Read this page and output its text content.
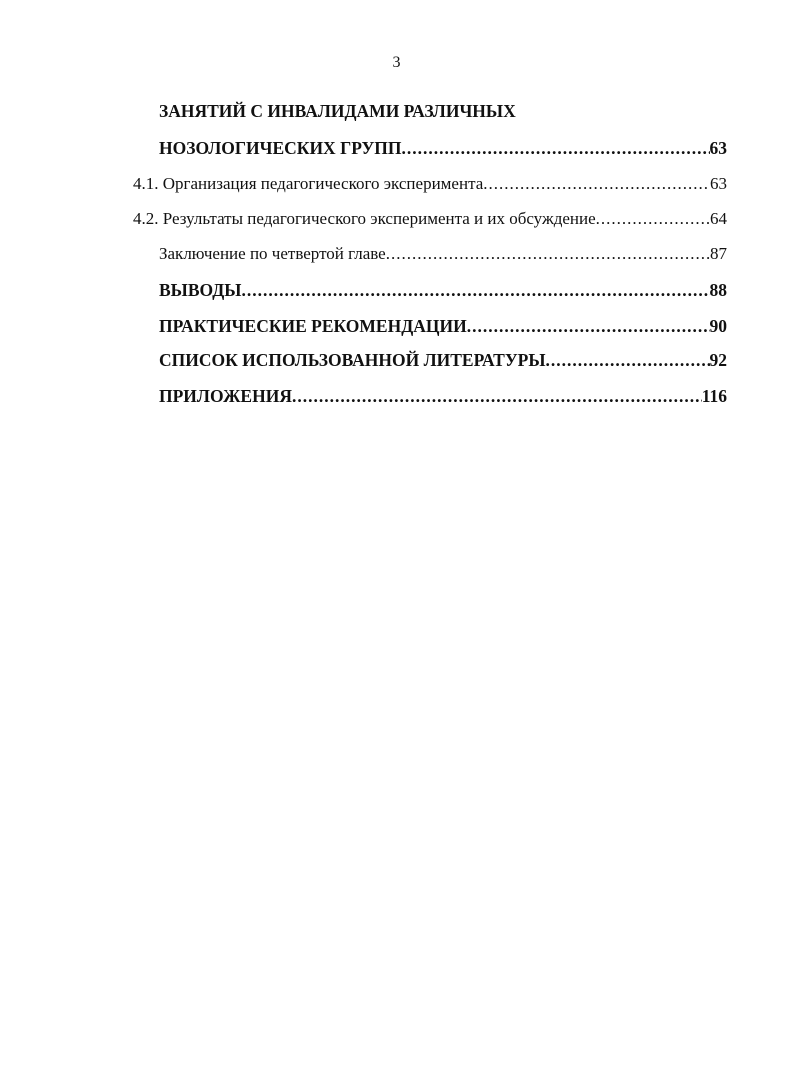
3
ЗАНЯТИЙ С ИНВАЛИДАМИ РАЗЛИЧНЫХ
НОЗОЛОГИЧЕСКИХ ГРУПП .....	63
4.1. Организация педагогического эксперимента .....	63
4.2. Результаты педагогического эксперимента и их обсуждение .....	64
Заключение по четвертой главе .....	87
ВЫВОДЫ .....	88
ПРАКТИЧЕСКИЕ РЕКОМЕНДАЦИИ .....	90
СПИСОК ИСПОЛЬЗОВАННОЙ ЛИТЕРАТУРЫ .....	92
ПРИЛОЖЕНИЯ .....	116
